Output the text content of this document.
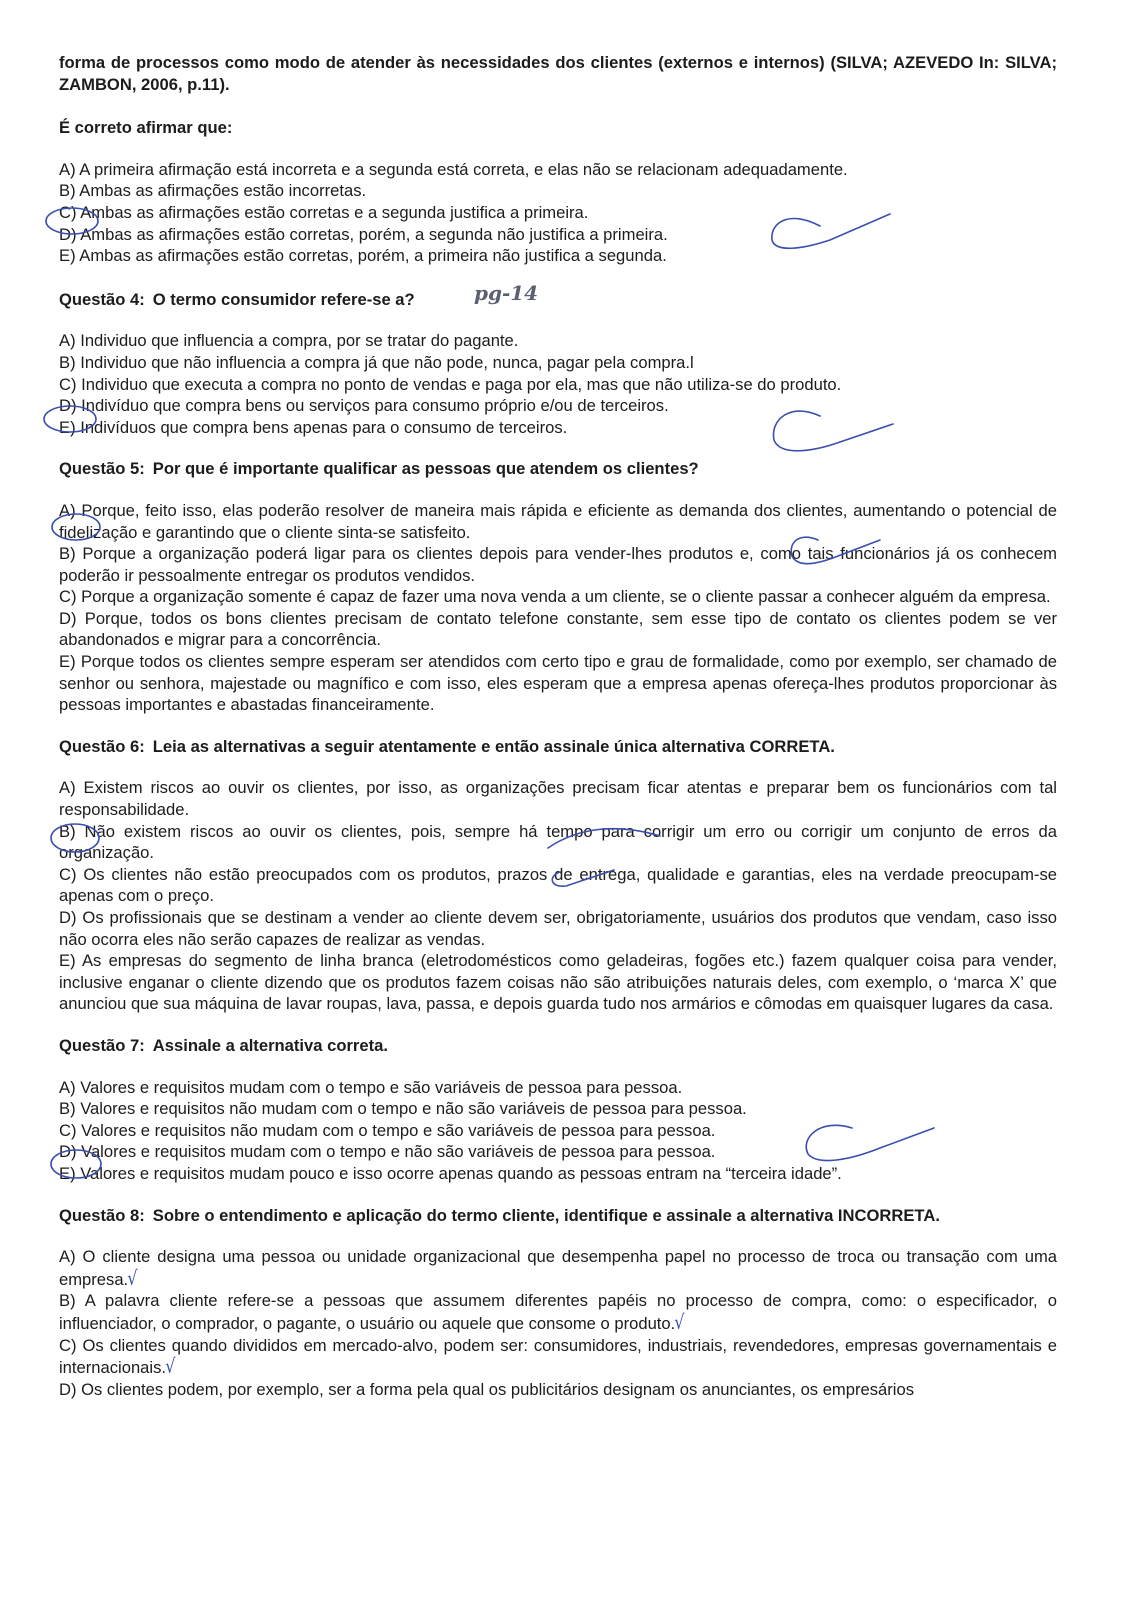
forma de processos como modo de atender às necessidades dos clientes (externos e internos) (SILVA; AZEVEDO In: SILVA; ZAMBON, 2006, p.11).

É correto afirmar que:

A) A primeira afirmação está incorreta e a segunda está correta, e elas não se relacionam adequadamente.
B) Ambas as afirmações estão incorretas.
C) Ambas as afirmações estão corretas e a segunda justifica a primeira.
D) Ambas as afirmações estão corretas, porém, a segunda não justifica a primeira.
E) Ambas as afirmações estão corretas, porém, a primeira não justifica a segunda.

Questão 4: O termo consumidor refere-se a?	pg-14

A) Individuo que influencia a compra, por se tratar do pagante.
B) Individuo que não influencia a compra já que não pode, nunca, pagar pela compra.l
C) Individuo que executa a compra no ponto de vendas e paga por ela, mas que não utiliza-se do produto.
D) Indivíduo que compra bens ou serviços para consumo próprio e/ou de terceiros.
E) Indivíduos que compra bens apenas para o consumo de terceiros.

Questão 5: Por que é importante qualificar as pessoas que atendem os clientes?

A) Porque, feito isso, elas poderão resolver de maneira mais rápida e eficiente as demanda dos clientes, aumentando o potencial de fidelização e garantindo que o cliente sinta-se satisfeito.
B) Porque a organização poderá ligar para os clientes depois para vender-lhes produtos e, como tais funcionários já os conhecem poderão ir pessoalmente entregar os produtos vendidos.
C) Porque a organização somente é capaz de fazer uma nova venda a um cliente, se o cliente passar a conhecer alguém da empresa.
D) Porque, todos os bons clientes precisam de contato telefone constante, sem esse tipo de contato os clientes podem se ver abandonados e migrar para a concorrência.
E) Porque todos os clientes sempre esperam ser atendidos com certo tipo e grau de formalidade, como por exemplo, ser chamado de senhor ou senhora, majestade ou magnífico e com isso, eles esperam que a empresa apenas ofereça-lhes produtos proporcionar às pessoas importantes e abastadas financeiramente.

Questão 6: Leia as alternativas a seguir atentamente e então assinale única alternativa CORRETA.

A) Existem riscos ao ouvir os clientes, por isso, as organizações precisam ficar atentas e preparar bem os funcionários com tal responsabilidade.
B) Não existem riscos ao ouvir os clientes, pois, sempre há tempo para corrigir um erro ou corrigir um conjunto de erros da organização.
C) Os clientes não estão preocupados com os produtos, prazos de entrega, qualidade e garantias, eles na verdade preocupam-se apenas com o preço.
D) Os profissionais que se destinam a vender ao cliente devem ser, obrigatoriamente, usuários dos produtos que vendam, caso isso não ocorra eles não serão capazes de realizar as vendas.
E) As empresas do segmento de linha branca (eletrodomésticos como geladeiras, fogões etc.) fazem qualquer coisa para vender, inclusive enganar o cliente dizendo que os produtos fazem coisas não são atribuições naturais deles, com exemplo, o ‘marca X’ que anunciou que sua máquina de lavar roupas, lava, passa, e depois guarda tudo nos armários e cômodas em quaisquer lugares da casa.

Questão 7: Assinale a alternativa correta.

A) Valores e requisitos mudam com o tempo e são variáveis de pessoa para pessoa.
B) Valores e requisitos não mudam com o tempo e não são variáveis de pessoa para pessoa.
C) Valores e requisitos não mudam com o tempo e são variáveis de pessoa para pessoa.
D) Valores e requisitos mudam com o tempo e não são variáveis de pessoa para pessoa.
E) Valores e requisitos mudam pouco e isso ocorre apenas quando as pessoas entram na “terceira idade”.

Questão 8: Sobre o entendimento e aplicação do termo cliente, identifique e assinale a alternativa INCORRETA.

A) O cliente designa uma pessoa ou unidade organizacional que desempenha papel no processo de troca ou transação com uma empresa.√
B) A palavra cliente refere-se a pessoas que assumem diferentes papéis no processo de compra, como: o especificador, o influenciador, o comprador, o pagante, o usuário ou aquele que consome o produto.√
C) Os clientes quando divididos em mercado-alvo, podem ser: consumidores, industriais, revendedores, empresas governamentais e internacionais.√
D) Os clientes podem, por exemplo, ser a forma pela qual os publicitários designam os anunciantes, os empresários
